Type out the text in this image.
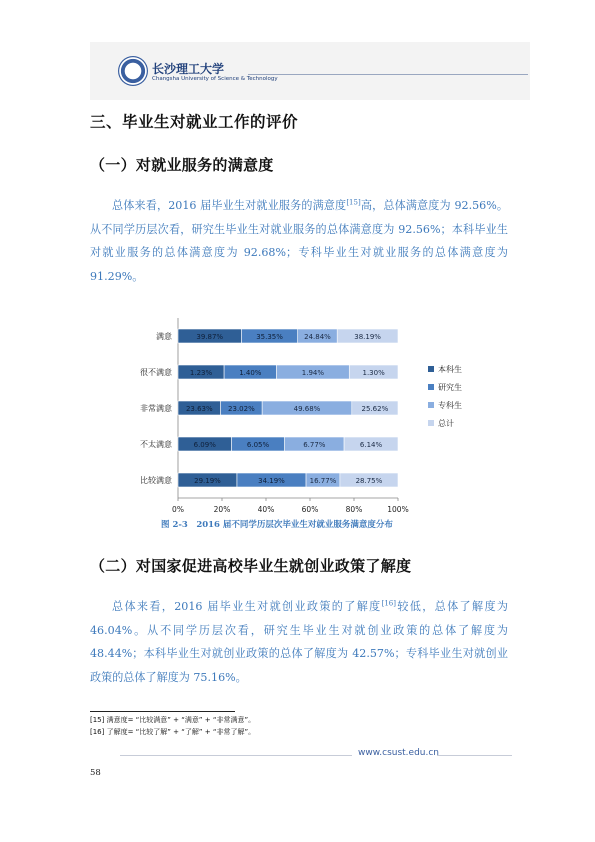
长沙理工大学
Changsha University of Science & Technology
三、毕业生对就业工作的评价
（一）对就业服务的满意度
总体来看，2016 届毕业生对就业服务的满意度[15]高，总体满意度为 92.56%。从不同学历层次看，研究生毕业生对就业服务的总体满意度为 92.56%；本科毕业生对就业服务的总体满意度为 92.68%；专科毕业生对就业服务的总体满意度为 91.29%。
0%	20%	40%	60%	80%	100%
满意	39.87%	35.35%	24.84%	38.19%
很不满意	1.23%	1.40%	1.94%	1.30%
非常满意 23.63% 23.02%	49.68%	25.62%
不太满意	6.09%	6.05%	6.77%	6.14%
比较满意	29.19%	34.19%	16.77%	28.75%
本科生
研究生
专科生
总计
图 2-3　2016 届不同学历层次毕业生对就业服务满意度分布
（二）对国家促进高校毕业生就创业政策了解度
总体来看，2016 届毕业生对就创业政策的了解度[16]较低，总体了解度为 46.04%。从不同学历层次看，研究生毕业生对就创业政策的总体了解度为 48.44%；本科毕业生对就创业政策的总体了解度为 42.57%；专科毕业生对就创业政策的总体了解度为 75.16%。
[15] 满意度= “比较满意” + “满意” + “非常满意”。
[16] 了解度= “比较了解” + “了解” + “非常了解”。
www.csust.edu.cn
58
